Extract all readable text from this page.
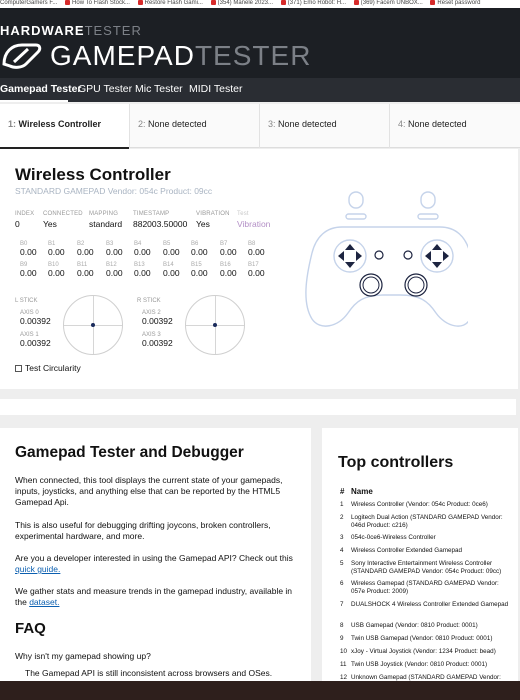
ComputerGamers F... How To Flash Stock... Restore Flash Gami... (354) Manele 2023... (371) Emo Robot: H... (369) Facem UNBOX... Reset password
HARDWARETESTER
GAMEPADTESTER
Gamepad Tester
GPU Tester Mic Tester MIDI Tester
1: Wireless Controller	2: None detected	3: None detected	4: None detected
Wireless Controller
STANDARD GAMEPAD Vendor: 054c Product: 09cc
INDEX
0
CONNECTED
Yes
MAPPING
standard
TIMESTAMP
882003.50000
VIBRATION
Yes
Test
Vibration
B0
0.00
B1
0.00
B2
0.00
B3
0.00
B4
0.00
B5
0.00
B6
0.00
B7
0.00
B8
0.00
B9
0.00
B10
0.00
B11
0.00
B12
0.00
B13
0.00
B14
0.00
B15
0.00
B16
0.00
B17
0.00
L STICK
AXIS 0
0.00392
AXIS 1
0.00392
R STICK
AXIS 2
0.00392
AXIS 3
0.00392
Test Circularity
Gamepad Tester and Debugger

When connected, this tool displays the current state of your gamepads, inputs, joysticks, and anything else that can be reported by the HTML5 Gamepad Api.

This is also useful for debugging drifting joycons, broken controllers, experimental hardware, and more.

Are you a developer interested in using the Gamepad API? Check out this quick guide.

We gather stats and measure trends in the gamepad industry, available in the dataset.

FAQ

Why isn't my gamepad showing up?

The Gamepad API is still inconsistent across browsers and OSes.

Top controllers
# Name
1	Wireless Controller (Vendor: 054c Product: 0ce6)
2	Logitech Dual Action (STANDARD GAMEPAD Vendor: 046d Product: c216)
3	054c-0ce6-Wireless Controller
4	Wireless Controller Extended Gamepad
5	Sony Interactive Entertainment Wireless Controller (STANDARD GAMEPAD Vendor: 054c Product: 09cc)
6	Wireless Gamepad (STANDARD GAMEPAD Vendor: 057e Product: 2009)
7	DUALSHOCK 4 Wireless Controller Extended Gamepad
8	USB Gamepad (Vendor: 0810 Product: 0001)
9	Twin USB Gamepad (Vendor: 0810 Product: 0001)
10 xJoy - Virtual Joystick (Vendor: 1234 Product: bead)
11 Twin USB Joystick (Vendor: 0810 Product: 0001)
12 Unknown Gamepad (STANDARD GAMEPAD Vendor:
